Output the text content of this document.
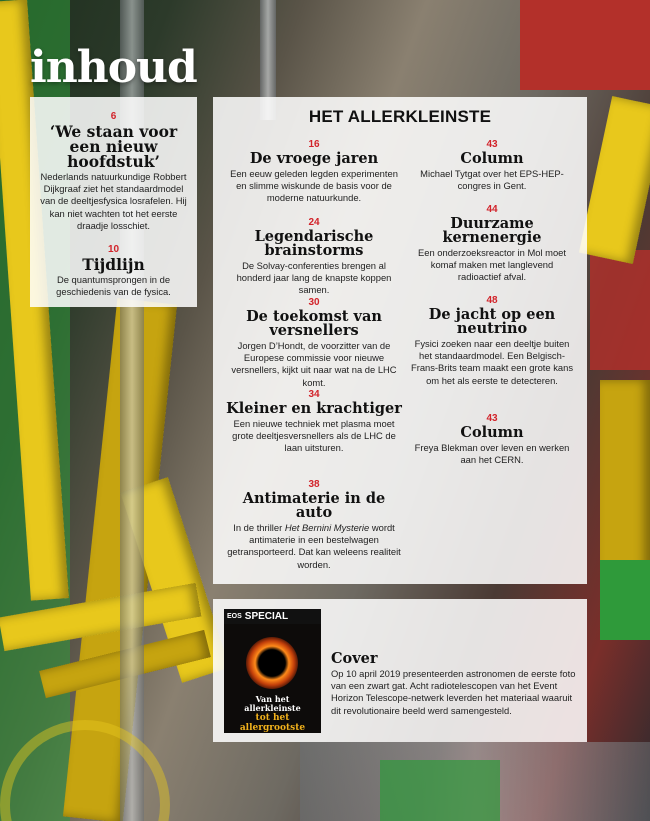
inhoud
6
‘We staan voor een nieuw hoofdstuk’
Nederlands natuurkundige Robbert Dijkgraaf ziet het standaardmodel van de deeltjesfysica losrafelen. Hij kan niet wachten tot het eerste draadje losschiet.
10
Tijdlijn
De quantumsprongen in de geschiedenis van de fysica.
HET ALLERKLEINSTE
16
De vroege jaren
Een eeuw geleden legden experimenten en slimme wiskunde de basis voor de moderne natuurkunde.
24
Legendarische brainstorms
De Solvay-conferenties brengen al honderd jaar lang de knapste koppen samen.
30
De toekomst van versnellers
Jorgen D’Hondt, de voorzitter van de Europese commissie voor nieuwe versnellers, kijkt uit naar wat na de LHC komt.
34
Kleiner en krachtiger
Een nieuwe techniek met plasma moet grote deeltjesversnellers als de LHC de laan uitsturen.
38
Antimaterie in de auto
In de thriller Het Bernini Mysterie wordt antimaterie in een bestelwagen getransporteerd. Dat kan weleens realiteit worden.
43
Column
Michael Tytgat over het EPS-HEP-congres in Gent.
44
Duurzame kernenergie
Een onderzoeksreactor in Mol moet komaf maken met langlevend radioactief afval.
48
De jacht op een neutrino
Fysici zoeken naar een deeltje buiten het standaardmodel. Een Belgisch-Frans-Brits team maakt een grote kans om het als eerste te detecteren.
43
Column
Freya Blekman over leven en werken aan het CERN.
EOS SPECIAL
Van het allerkleinste
tot het allergrootste
Cover
Op 10 april 2019 presenteerden astronomen de eerste foto van een zwart gat. Acht radiotelescopen van het Event Horizon Telescope-netwerk leverden het materiaal waaruit dit revolutionaire beeld werd samengesteld.
